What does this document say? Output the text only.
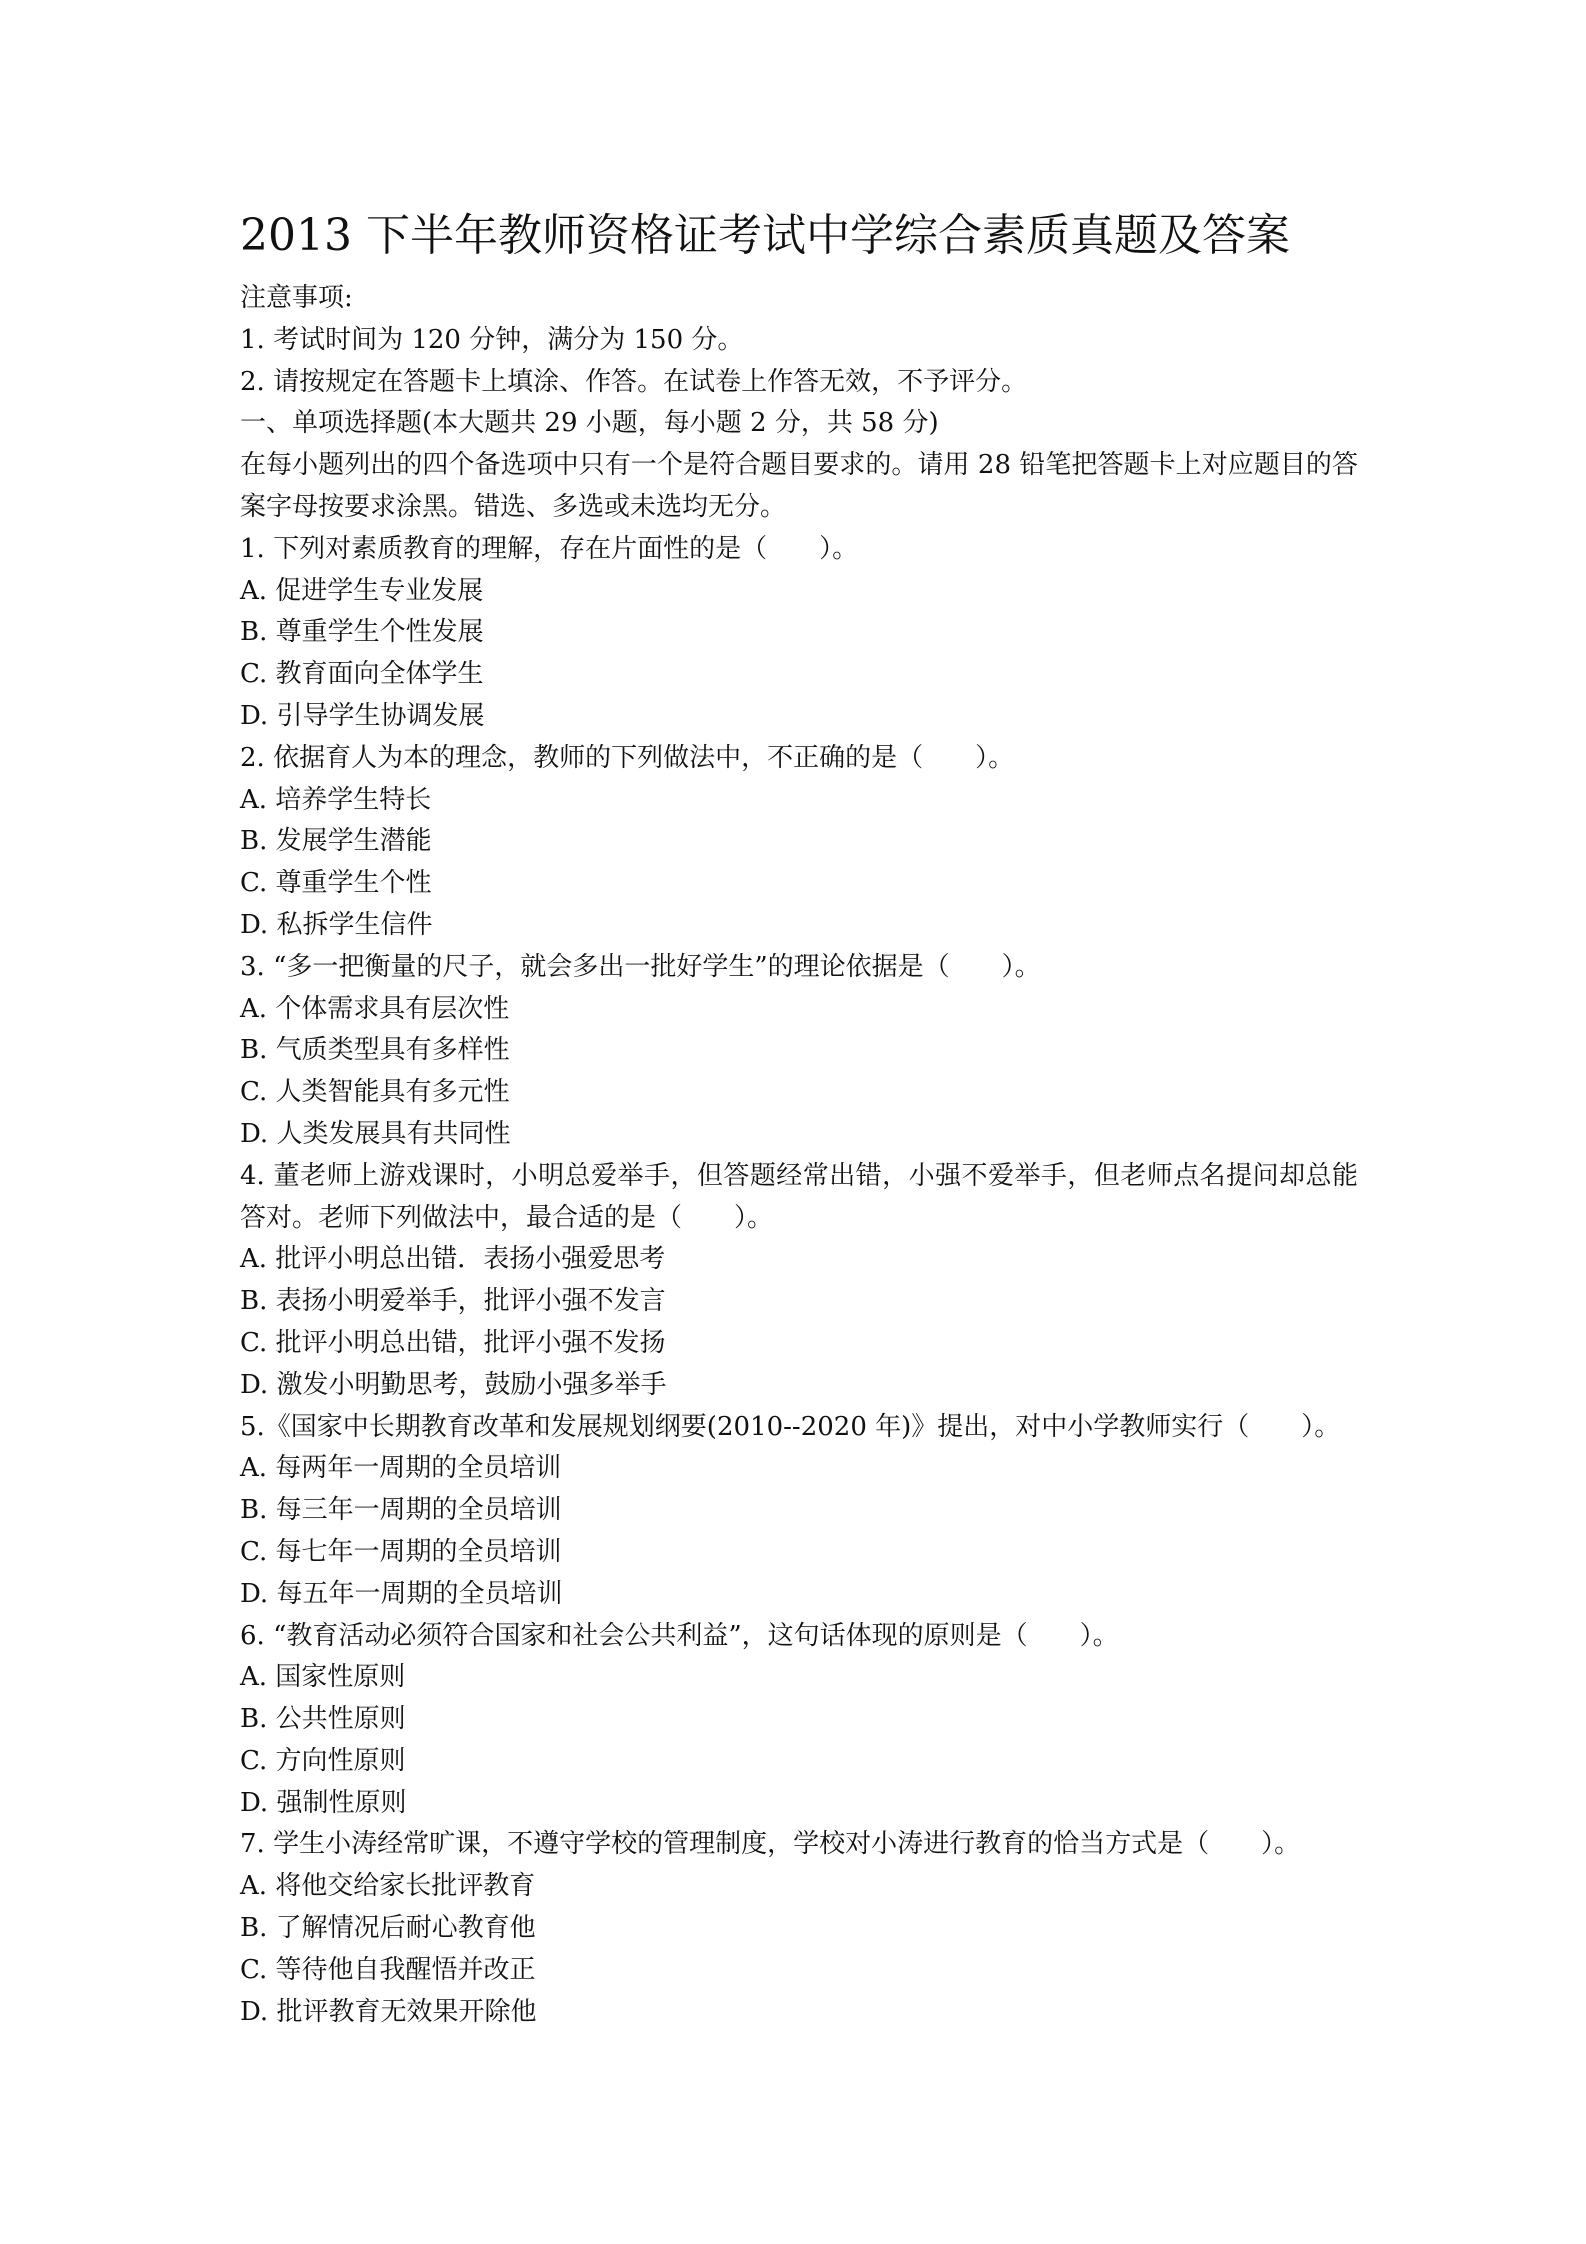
2013 下半年教师资格证考试中学综合素质真题及答案
注意事项:
1. 考试时间为 120 分钟，满分为 150 分。
2. 请按规定在答题卡上填涂、作答。在试卷上作答无效，不予评分。
一、单项选择题(本大题共 29 小题，每小题 2 分，共 58 分)
在每小题列出的四个备选项中只有一个是符合题目要求的。请用 28 铅笔把答题卡上对应题目的答案字母按要求涂黑。错选、多选或未选均无分。
1. 下列对素质教育的理解，存在片面性的是（　　）。
A. 促进学生专业发展
B. 尊重学生个性发展
C. 教育面向全体学生
D. 引导学生协调发展
2. 依据育人为本的理念，教师的下列做法中，不正确的是（　　）。
A. 培养学生特长
B. 发展学生潜能
C. 尊重学生个性
D. 私拆学生信件
3. “多一把衡量的尺子，就会多出一批好学生”的理论依据是（　　）。
A. 个体需求具有层次性
B. 气质类型具有多样性
C. 人类智能具有多元性
D. 人类发展具有共同性
4. 董老师上游戏课时，小明总爱举手，但答题经常出错，小强不爱举手，但老师点名提问却总能答对。老师下列做法中，最合适的是（　　）。
A. 批评小明总出错．表扬小强爱思考
B. 表扬小明爱举手，批评小强不发言
C. 批评小明总出错，批评小强不发扬
D. 激发小明勤思考，鼓励小强多举手
5.《国家中长期教育改革和发展规划纲要(2010--2020 年)》提出，对中小学教师实行（　　）。
A. 每两年一周期的全员培训
B. 每三年一周期的全员培训
C. 每七年一周期的全员培训
D. 每五年一周期的全员培训
6. “教育活动必须符合国家和社会公共利益”，这句话体现的原则是（　　）。
A. 国家性原则
B. 公共性原则
C. 方向性原则
D. 强制性原则
7. 学生小涛经常旷课，不遵守学校的管理制度，学校对小涛进行教育的恰当方式是（　　）。
A. 将他交给家长批评教育
B. 了解情况后耐心教育他
C. 等待他自我醒悟并改正
D. 批评教育无效果开除他
